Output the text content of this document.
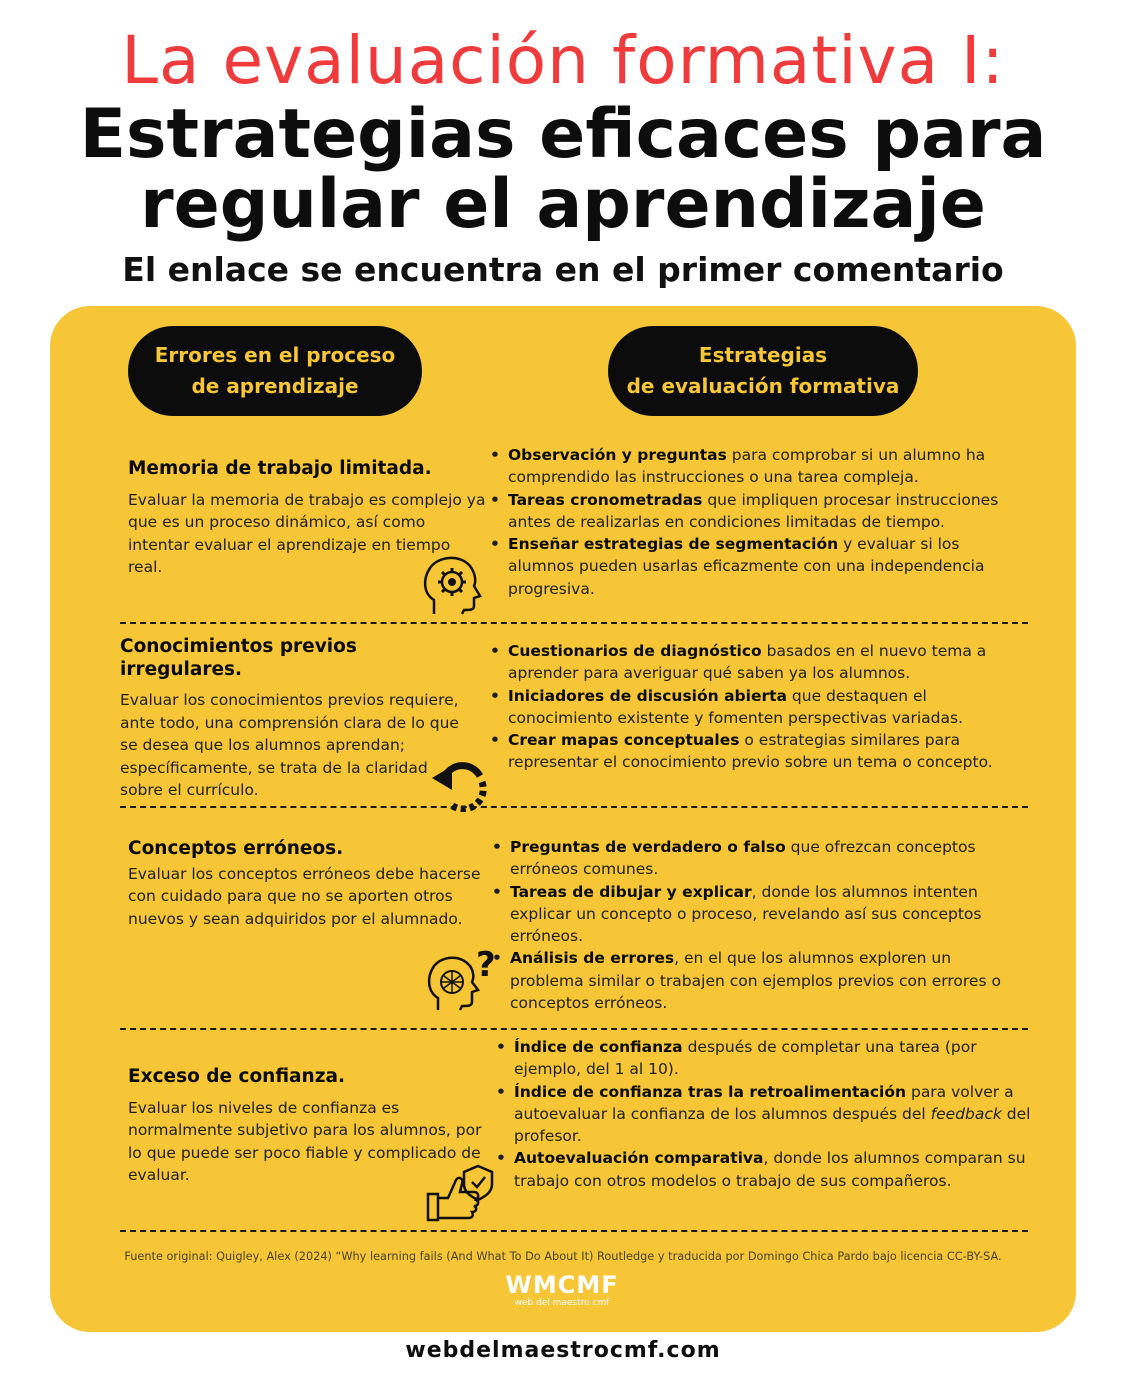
La evaluación formativa I:
Estrategias eficaces para
regular el aprendizaje
El enlace se encuentra en el primer comentario
Errores en el proceso
de aprendizaje
Estrategias
de evaluación formativa
Memoria de trabajo limitada.
Evaluar la memoria de trabajo es complejo ya que es un proceso dinámico, así como intentar evaluar el aprendizaje en tiempo real.
• Observación y preguntas para comprobar si un alumno ha comprendido las instrucciones o una tarea compleja.
• Tareas cronometradas que impliquen procesar instrucciones antes de realizarlas en condiciones limitadas de tiempo.
• Enseñar estrategias de segmentación y evaluar si los alumnos pueden usarlas eficazmente con una independencia progresiva.
Conocimientos previos irregulares.
Evaluar los conocimientos previos requiere, ante todo, una comprensión clara de lo que se desea que los alumnos aprendan; específicamente, se trata de la claridad sobre el currículo.
• Cuestionarios de diagnóstico basados en el nuevo tema a aprender para averiguar qué saben ya los alumnos.
• Iniciadores de discusión abierta que destaquen el conocimiento existente y fomenten perspectivas variadas.
• Crear mapas conceptuales o estrategias similares para representar el conocimiento previo sobre un tema o concepto.
Conceptos erróneos.
Evaluar los conceptos erróneos debe hacerse con cuidado para que no se aporten otros nuevos y sean adquiridos por el alumnado.
• Preguntas de verdadero o falso que ofrezcan conceptos erróneos comunes.
• Tareas de dibujar y explicar, donde los alumnos intenten explicar un concepto o proceso, revelando así sus conceptos erróneos.
• Análisis de errores, en el que los alumnos exploren un problema similar o trabajen con ejemplos previos con errores o conceptos erróneos.
?
Exceso de confianza.
Evaluar los niveles de confianza es normalmente subjetivo para los alumnos, por lo que puede ser poco fiable y complicado de evaluar.
• Índice de confianza después de completar una tarea (por ejemplo, del 1 al 10).
• Índice de confianza tras la retroalimentación para volver a autoevaluar la confianza de los alumnos después del feedback del profesor.
• Autoevaluación comparativa, donde los alumnos comparan su trabajo con otros modelos o trabajo de sus compañeros.
Fuente original: Quigley, Alex (2024) “Why learning fails (And What To Do About It) Routledge y traducida por Domingo Chica Pardo bajo licencia CC-BY-SA.
WMCMF
web del maestro cmf
webdelmaestrocmf.com
